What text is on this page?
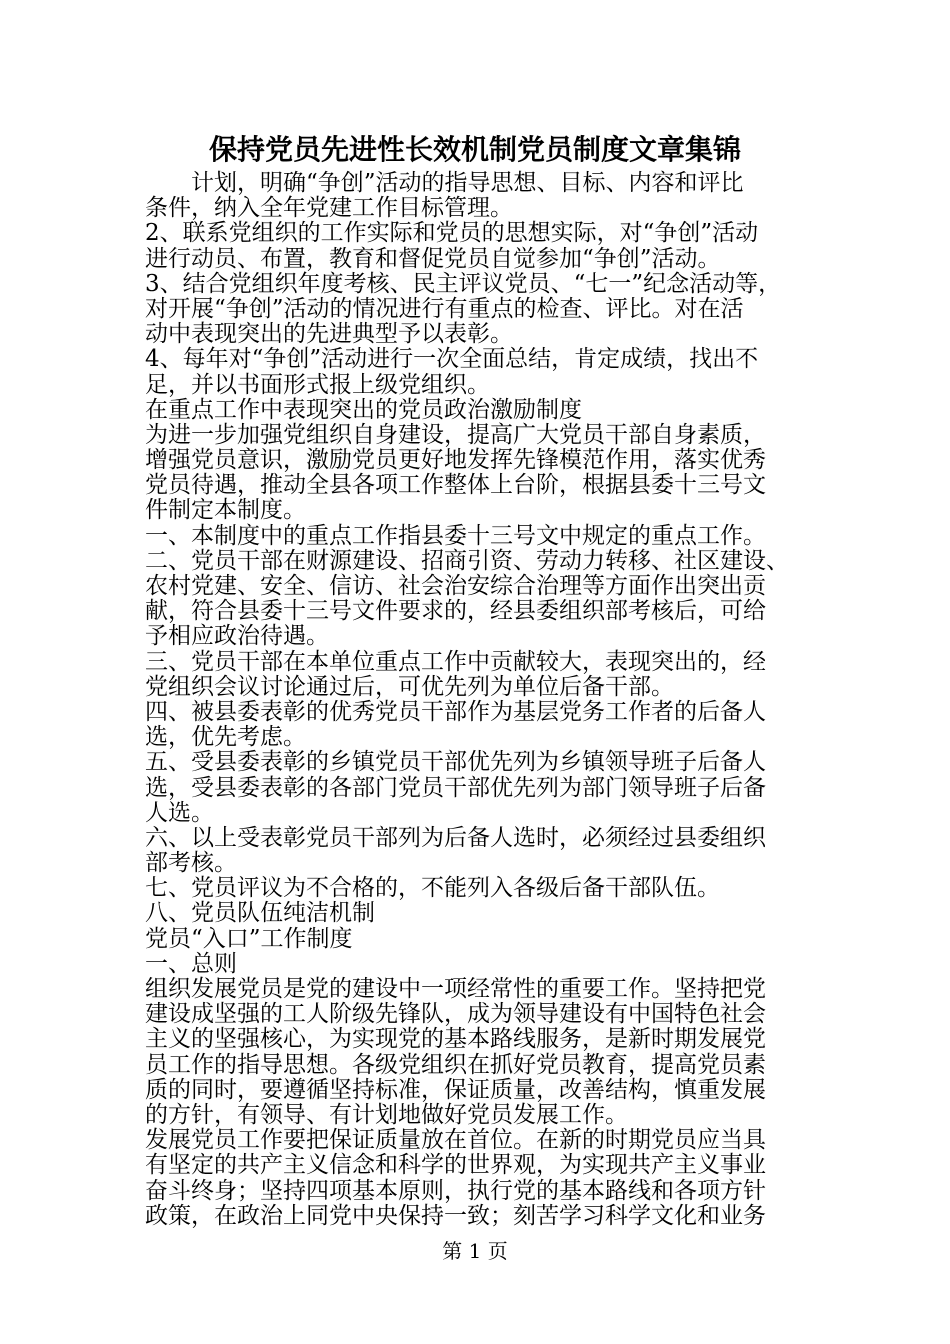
保持党员先进性长效机制党员制度文章集锦
计划，明确“争创”活动的指导思想、目标、内容和评比
条件，纳入全年党建工作目标管理。
2、联系党组织的工作实际和党员的思想实际，对“争创”活动
进行动员、布置，教育和督促党员自觉参加“争创”活动。
3、结合党组织年度考核、民主评议党员、“七一”纪念活动等，
对开展“争创”活动的情况进行有重点的检查、评比。对在活
动中表现突出的先进典型予以表彰。
4、每年对“争创”活动进行一次全面总结，肯定成绩，找出不
足，并以书面形式报上级党组织。
在重点工作中表现突出的党员政治激励制度
为进一步加强党组织自身建设，提高广大党员干部自身素质，
增强党员意识，激励党员更好地发挥先锋模范作用，落实优秀
党员待遇，推动全县各项工作整体上台阶，根据县委十三号文
件制定本制度。
一、本制度中的重点工作指县委十三号文中规定的重点工作。
二、党员干部在财源建设、招商引资、劳动力转移、社区建设、
农村党建、安全、信访、社会治安综合治理等方面作出突出贡
献，符合县委十三号文件要求的，经县委组织部考核后，可给
予相应政治待遇。
三、党员干部在本单位重点工作中贡献较大，表现突出的，经
党组织会议讨论通过后，可优先列为单位后备干部。
四、被县委表彰的优秀党员干部作为基层党务工作者的后备人
选，优先考虑。
五、受县委表彰的乡镇党员干部优先列为乡镇领导班子后备人
选，受县委表彰的各部门党员干部优先列为部门领导班子后备
人选。
六、以上受表彰党员干部列为后备人选时，必须经过县委组织
部考核。
七、党员评议为不合格的，不能列入各级后备干部队伍。
八、党员队伍纯洁机制
党员“入口”工作制度
一、总则
组织发展党员是党的建设中一项经常性的重要工作。坚持把党
建设成坚强的工人阶级先锋队，成为领导建设有中国特色社会
主义的坚强核心，为实现党的基本路线服务，是新时期发展党
员工作的指导思想。各级党组织在抓好党员教育，提高党员素
质的同时，要遵循坚持标准，保证质量，改善结构，慎重发展
的方针，有领导、有计划地做好党员发展工作。
发展党员工作要把保证质量放在首位。在新的时期党员应当具
有坚定的共产主义信念和科学的世界观，为实现共产主义事业
奋斗终身；坚持四项基本原则，执行党的基本路线和各项方针
政策，在政治上同党中央保持一致；刻苦学习科学文化和业务
第 1 页
